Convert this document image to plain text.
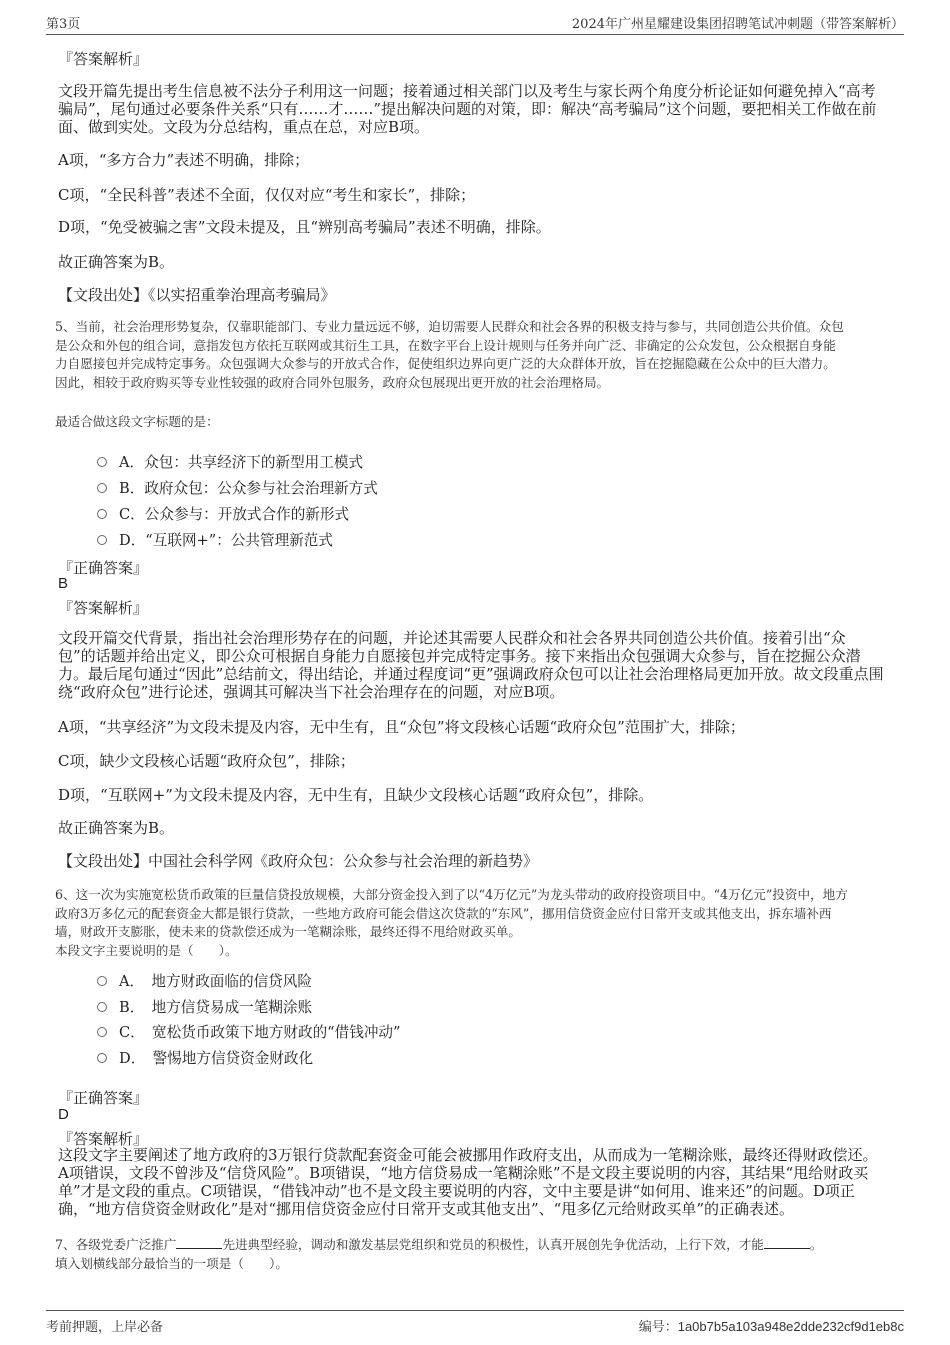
第3页	2024年广州星耀建设集团招聘笔试冲刺题（带答案解析）
『答案解析』
文段开篇先提出考生信息被不法分子利用这一问题；接着通过相关部门以及考生与家长两个角度分析论证如何避免掉入“高考
骗局”，尾句通过必要条件关系“只有……才……”提出解决问题的对策，即：解决“高考骗局”这个问题，要把相关工作做在前
面、做到实处。文段为分总结构，重点在总，对应B项。
A项，“多方合力”表述不明确，排除；
C项，“全民科普”表述不全面，仅仅对应“考生和家长”，排除；
D项，“免受被骗之害”文段未提及，且“辨别高考骗局”表述不明确，排除。
故正确答案为B。
【文段出处】《以实招重拳治理高考骗局》
5、当前，社会治理形势复杂，仅靠职能部门、专业力量远远不够，迫切需要人民群众和社会各界的积极支持与参与，共同创造公共价值。众包
是公众和外包的组合词，意指发包方依托互联网或其衍生工具，在数字平台上设计规则与任务并向广泛、非确定的公众发包，公众根据自身能
力自愿接包并完成特定事务。众包强调大众参与的开放式合作，促使组织边界向更广泛的大众群体开放，旨在挖掘隐藏在公众中的巨大潜力。
因此，相较于政府购买等专业性较强的政府合同外包服务，政府众包展现出更开放的社会治理格局。
最适合做这段文字标题的是：
A．众包：共享经济下的新型用工模式
B．政府众包：公众参与社会治理新方式
C．公众参与：开放式合作的新形式
D．“互联网+”：公共管理新范式
『正确答案』
B
『答案解析』
文段开篇交代背景，指出社会治理形势存在的问题，并论述其需要人民群众和社会各界共同创造公共价值。接着引出“众
包”的话题并给出定义，即公众可根据自身能力自愿接包并完成特定事务。接下来指出众包强调大众参与，旨在挖掘公众潜
力。最后尾句通过“因此”总结前文，得出结论，并通过程度词“更”强调政府众包可以让社会治理格局更加开放。故文段重点围
绕“政府众包”进行论述，强调其可解决当下社会治理存在的问题，对应B项。
A项，“共享经济”为文段未提及内容，无中生有，且“众包”将文段核心话题“政府众包”范围扩大，排除；
C项，缺少文段核心话题“政府众包”，排除；
D项，“互联网+”为文段未提及内容，无中生有，且缺少文段核心话题“政府众包”，排除。
故正确答案为B。
【文段出处】中国社会科学网《政府众包：公众参与社会治理的新趋势》
6、这一次为实施宽松货币政策的巨量信贷投放规模，大部分资金投入到了以“4万亿元”为龙头带动的政府投资项目中。“4万亿元”投资中，地方
政府3万多亿元的配套资金大都是银行贷款，一些地方政府可能会借这次贷款的“东风”，挪用信贷资金应付日常开支或其他支出，拆东墙补西
墙，财政开支膨胀，使未来的贷款偿还成为一笔糊涂账，最终还得不甩给财政买单。
本段文字主要说明的是（　　）。
A．　地方财政面临的信贷风险
B．　地方信贷易成一笔糊涂账
C．　宽松货币政策下地方财政的“借钱冲动”
D．　警惕地方信贷资金财政化
『正确答案』
D
『答案解析』
这段文字主要阐述了地方政府的3万银行贷款配套资金可能会被挪用作政府支出，从而成为一笔糊涂账，最终还得财政偿还。
A项错误，文段不曾涉及“信贷风险”。B项错误，“地方信贷易成一笔糊涂账”不是文段主要说明的内容，其结果“甩给财政买
单”才是文段的重点。C项错误，“借钱冲动”也不是文段主要说明的内容，文中主要是讲“如何用、谁来还”的问题。D项正
确，“地方信贷资金财政化”是对“挪用信贷资金应付日常开支或其他支出”、“甩多亿元给财政买单”的正确表述。
7、各级党委广泛推广	先进典型经验，调动和激发基层党组织和党员的积极性，认真开展创先争优活动，上行下效，才能	。
填入划横线部分最恰当的一项是（　　）。
考前押题，上岸必备	编号：1a0b7b5a103a948e2dde232cf9d1eb8c
